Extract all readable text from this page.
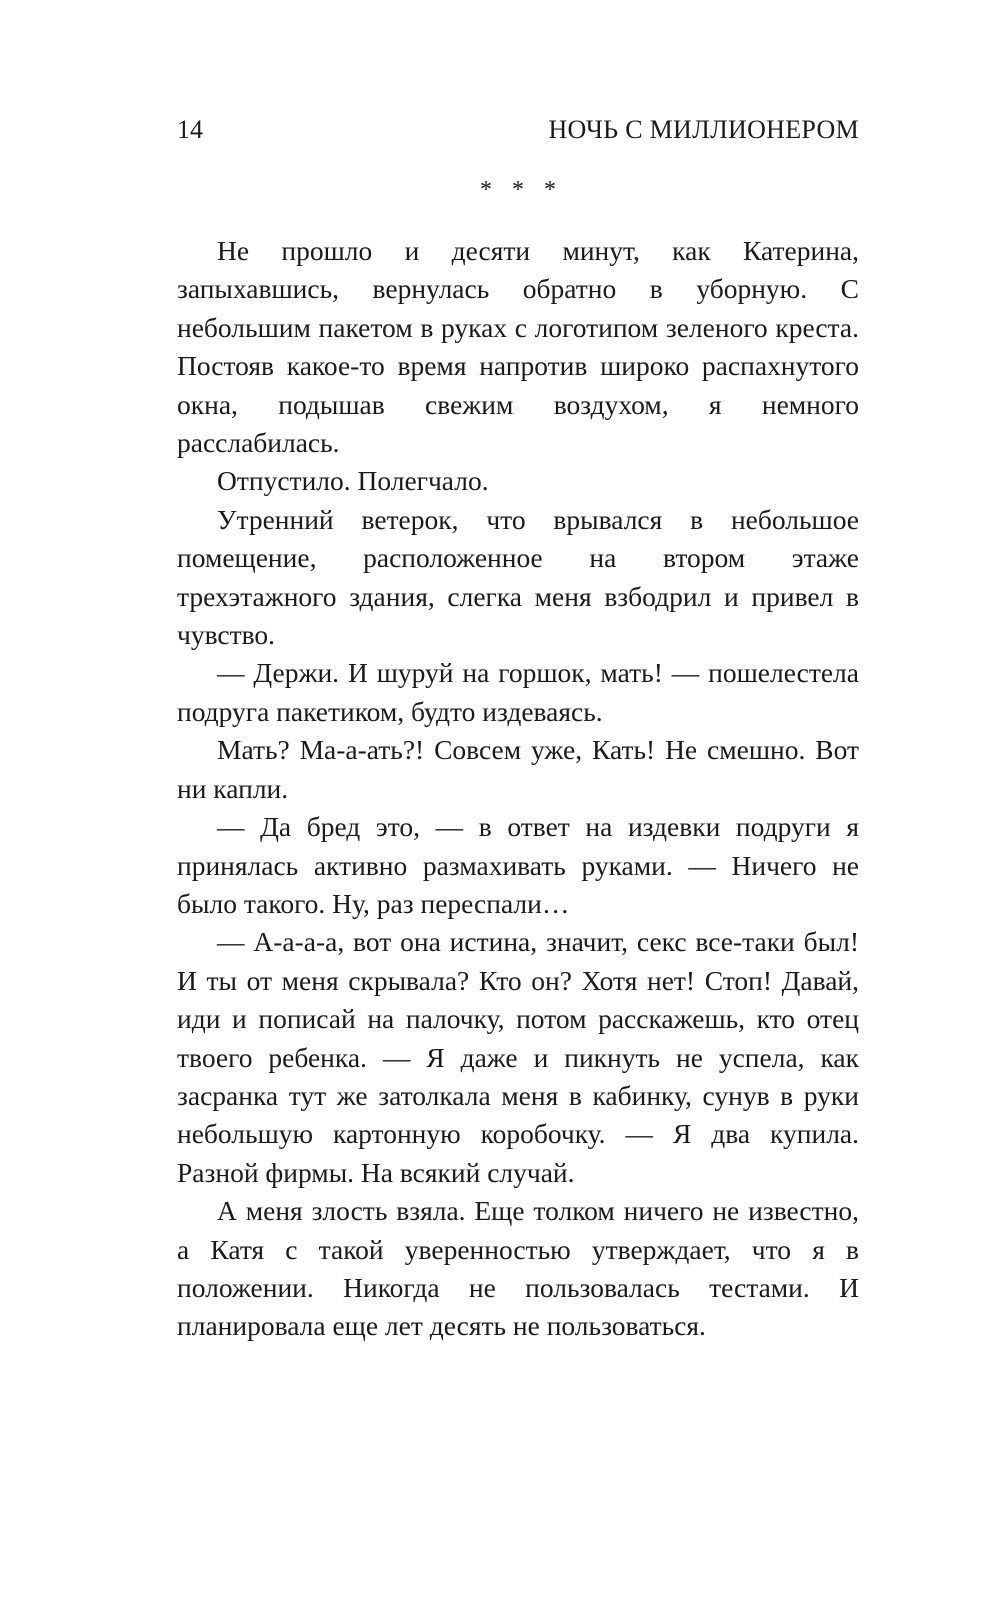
14	НОЧЬ С МИЛЛИОНЕРОМ
* * *

Не прошло и десяти минут, как Катерина, запыхавшись, вернулась обратно в уборную. С небольшим пакетом в руках с логотипом зеленого креста. Постояв какое-то время напротив широко распахнутого окна, подышав свежим воздухом, я немного расслабилась.

Отпустило. Полегчало.

Утренний ветерок, что врывался в небольшое помещение, расположенное на втором этаже трехэтажного здания, слегка меня взбодрил и привел в чувство.

— Держи. И шуруй на горшок, мать! — пошелестела подруга пакетиком, будто издеваясь.

Мать? Ма-а-ать?! Совсем уже, Кать! Не смешно. Вот ни капли.

— Да бред это, — в ответ на издевки подруги я принялась активно размахивать руками. — Ничего не было такого. Ну, раз переспали…

— А-а-а-а, вот она истина, значит, секс все-таки был! И ты от меня скрывала? Кто он? Хотя нет! Стоп! Давай, иди и пописай на палочку, потом расскажешь, кто отец твоего ребенка. — Я даже и пикнуть не успела, как засранка тут же затолкала меня в кабинку, сунув в руки небольшую картонную коробочку. — Я два купила. Разной фирмы. На всякий случай.

А меня злость взяла. Еще толком ничего не известно, а Катя с такой уверенностью утверждает, что я в положении. Никогда не пользовалась тестами. И планировала еще лет десять не пользоваться.
